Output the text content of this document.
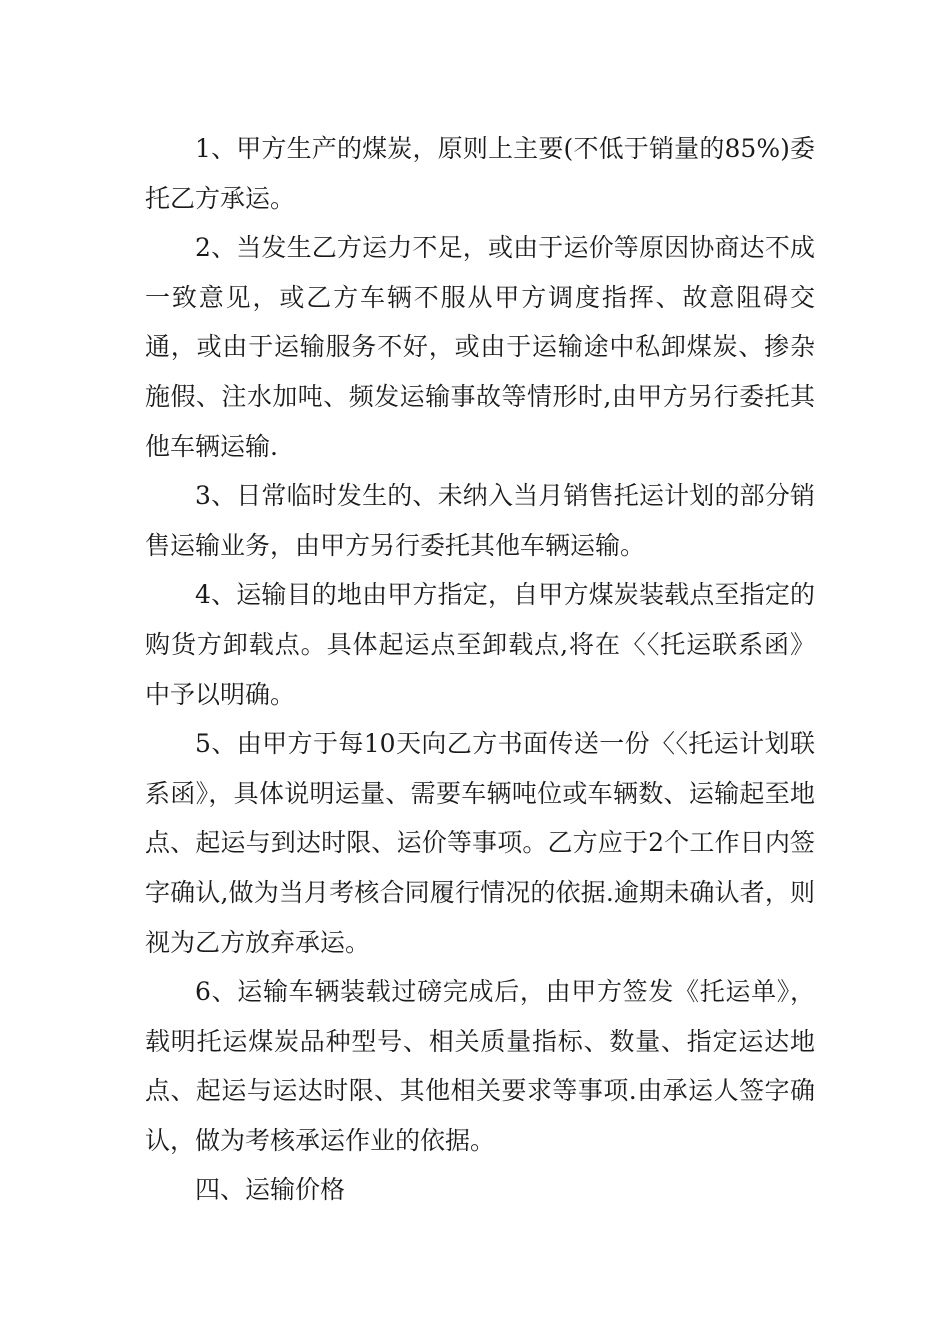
1、甲方生产的煤炭，原则上主要(不低于销量的85%)委托乙方承运。

2、当发生乙方运力不足，或由于运价等原因协商达不成一致意见，或乙方车辆不服从甲方调度指挥、故意阻碍交通，或由于运输服务不好，或由于运输途中私卸煤炭、掺杂施假、注水加吨、频发运输事故等情形时,由甲方另行委托其他车辆运输.

3、日常临时发生的、未纳入当月销售托运计划的部分销售运输业务，由甲方另行委托其他车辆运输。

4、运输目的地由甲方指定，自甲方煤炭装载点至指定的购货方卸载点。具体起运点至卸载点,将在〈〈托运联系函》中予以明确。

5、由甲方于每10天向乙方书面传送一份〈〈托运计划联系函》，具体说明运量、需要车辆吨位或车辆数、运输起至地点、起运与到达时限、运价等事项。乙方应于2个工作日内签字确认,做为当月考核合同履行情况的依据.逾期未确认者，则视为乙方放弃承运。

6、运输车辆装载过磅完成后，由甲方签发《托运单》，载明托运煤炭品种型号、相关质量指标、数量、指定运达地点、起运与运达时限、其他相关要求等事项.由承运人签字确认，做为考核承运作业的依据。

四、运输价格
